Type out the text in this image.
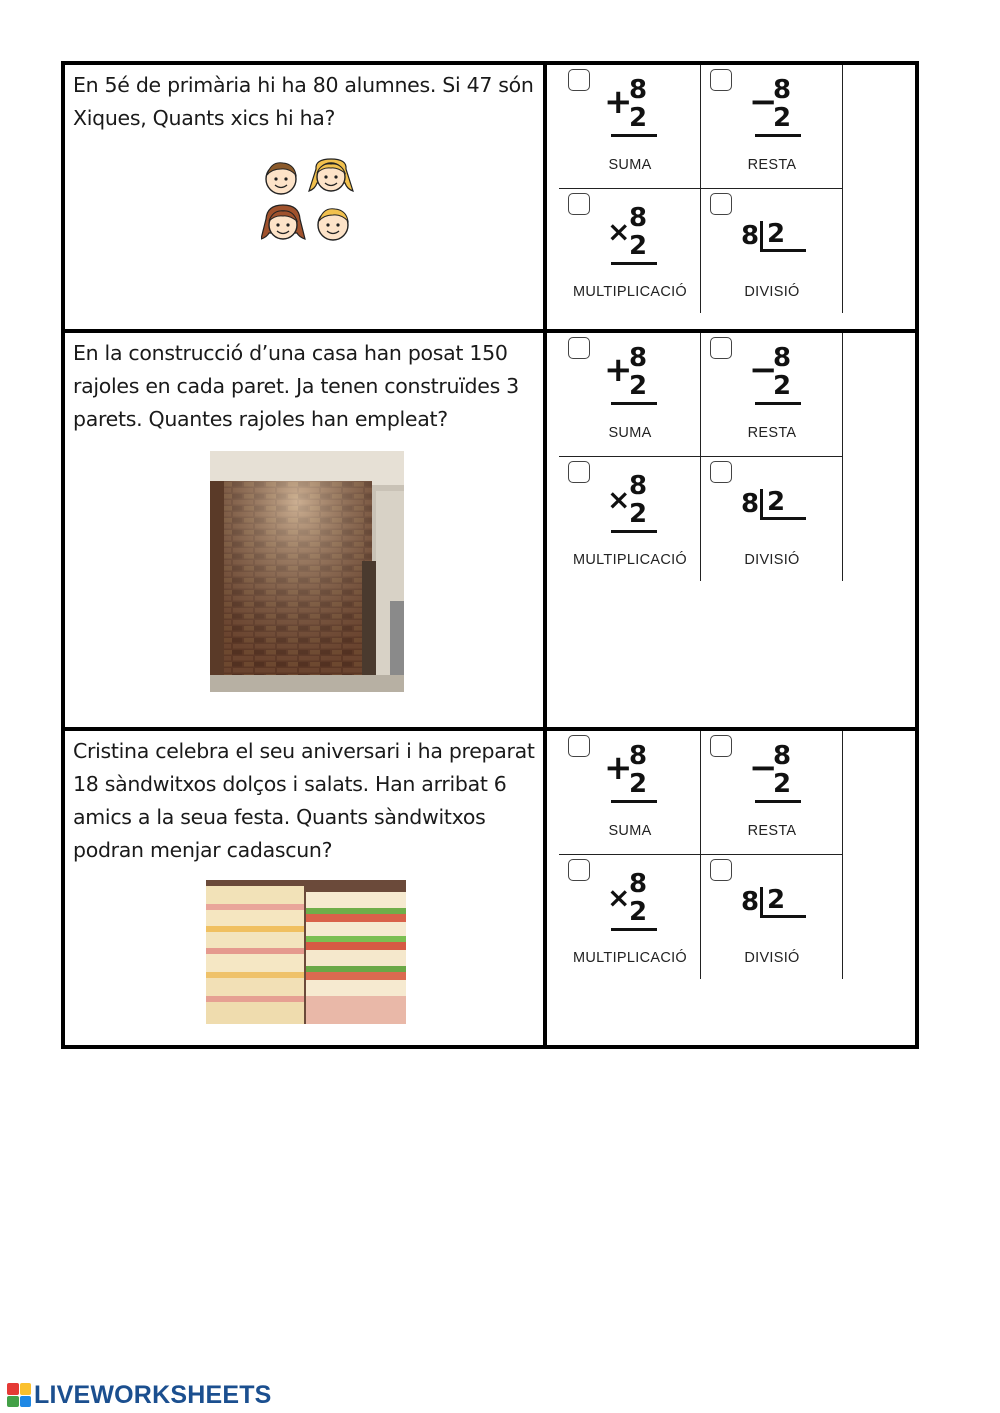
En 5é de primària hi ha 80 alumnes. Si 47 són Xiques, Quants xics hi ha?	+
8
2
SUMA
−
8
2
RESTA
×
8
2
MULTIPLICACIÓ
8 2
DIVISIÓ

En la construcció d’una casa han posat 150 rajoles en cada paret. Ja tenen construïdes 3 parets. Quantes rajoles han empleat?

+
8
2
SUMA
−
8
2
RESTA
×
8
2
MULTIPLICACIÓ
8 2
DIVISIÓ

Cristina celebra el seu aniversari i ha preparat 18 sàndwitxos dolços i salats. Han arribat 6 amics a la seua festa. Quants sàndwitxos podran menjar cadascun?

+
8
2
SUMA
−
8
2
RESTA
×
8
2
MULTIPLICACIÓ
8 2
DIVISIÓ
LIVEWORKSHEETS
